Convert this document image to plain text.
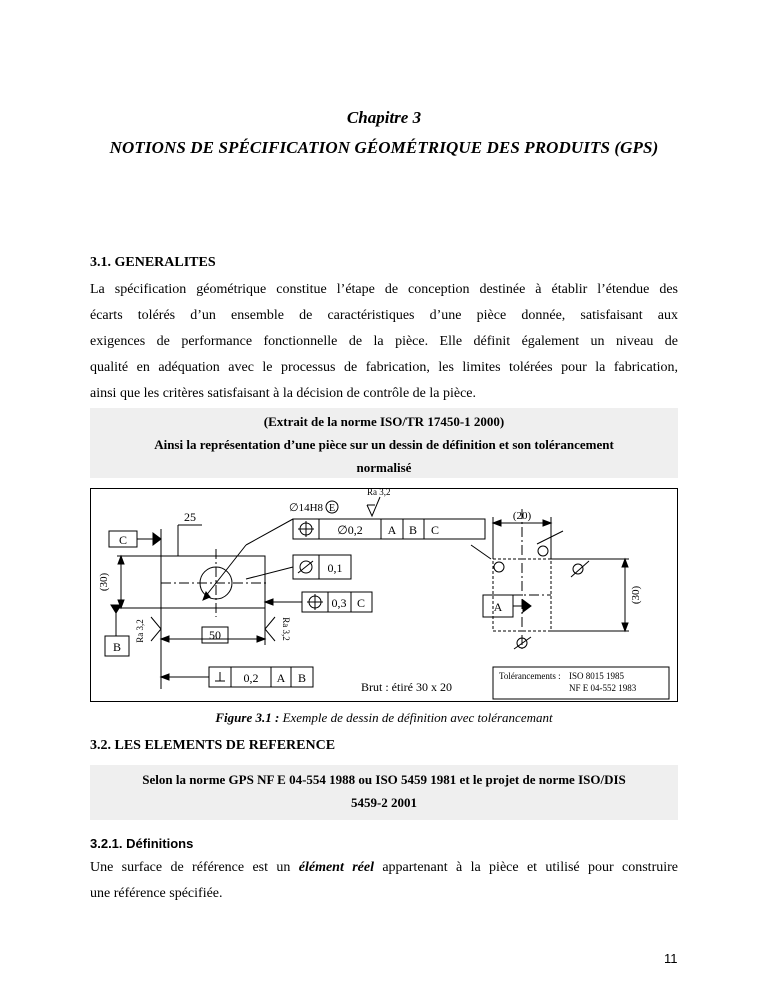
Chapitre 3
NOTIONS DE SPÉCIFICATION GÉOMÉTRIQUE DES PRODUITS (GPS)
3.1. GENERALITES
La spécification géométrique constitue l’étape de conception destinée à établir l’étendue des
écarts tolérés d’un ensemble de caractéristiques d’une pièce donnée, satisfaisant aux
exigences de performance fonctionnelle de la pièce. Elle définit également un niveau de
qualité en adéquation avec le processus de fabrication, les limites tolérées pour la fabrication,
ainsi que les critères satisfaisant à la décision de contrôle de la pièce.
(Extrait de la norme ISO/TR 17450-1 2000)
Ainsi la représentation d’une pièce sur un dessin de définition et son tolérancement
normalisé
25
C
(30)
B
∅14H8 E
Ra 3,2
∅0,2 A B C
0,1
0,3 C
50
Ra 3,2	Ra 3,2
0,2 A B
Brut : étiré 30 x 20
(20)
(30)
A
Tolérancements : ISO 8015 1985
NF E 04-552 1983
Figure 3.1 : Exemple de dessin de définition avec tolérancemant
3.2. LES ELEMENTS DE REFERENCE
Selon la norme GPS NF E 04-554 1988 ou ISO 5459 1981 et le projet de norme ISO/DIS
5459-2 2001
3.2.1. Définitions
Une surface de référence est un élément réel appartenant à la pièce et utilisé pour construire
une référence spécifiée.
11
